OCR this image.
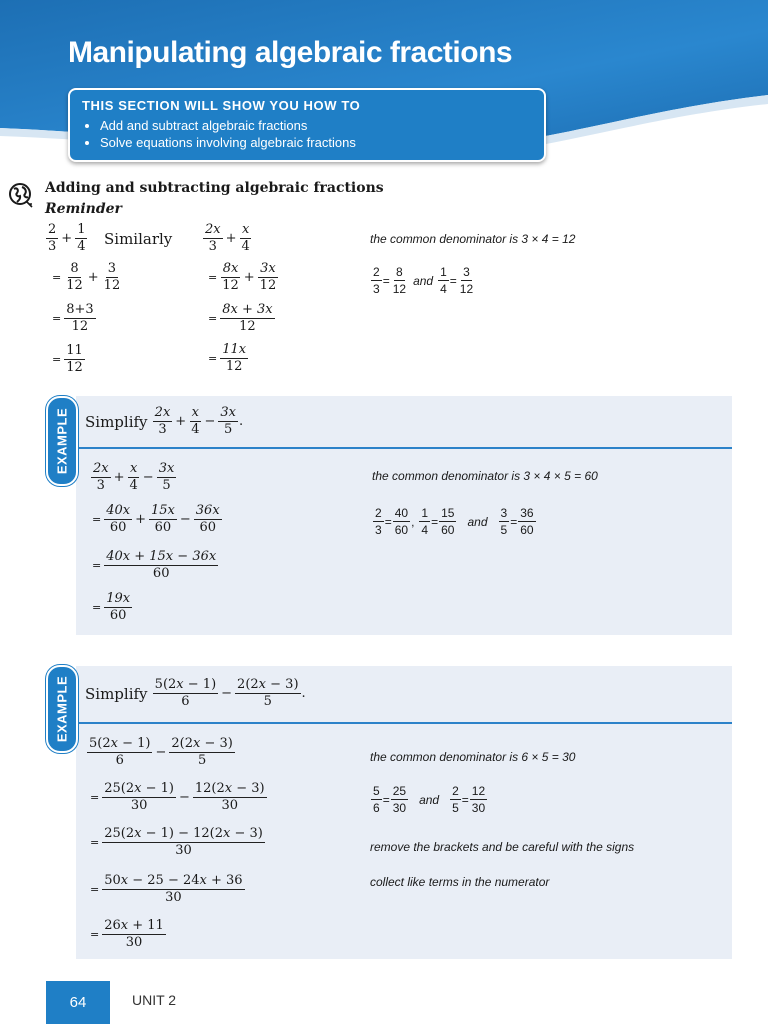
Manipulating algebraic fractions
THIS SECTION WILL SHOW YOU HOW TO
• Add and subtract algebraic fractions
• Solve equations involving algebraic fractions
Adding and subtracting algebraic fractions
Reminder
$\frac{2}{3} + \frac{1}{4}$ Similarly
= $\frac{8}{12} + \frac{3}{12}$
= $\frac{8+3}{12}$
= $\frac{11}{12}$
$\frac{2x}{3} + \frac{x}{4}$
= $\frac{8x}{12} + \frac{3x}{12}$
= $\frac{8x + 3x}{12}$
= $\frac{11x}{12}$
the common denominator is 3 × 4 = 12
$\frac{2}{3} = \frac{8}{12}$ and $\frac{1}{4} = \frac{3}{12}$
EXAMPLE Simplify
$\frac{2x}{3} + \frac{x}{4} - \frac{3x}{5}$ .
$\frac{2x}{3} + \frac{x}{4} - \frac{3x}{5}$
= $\frac{40x}{60} + \frac{15x}{60} - \frac{36x}{60}$
= $\frac{40x + 15x - 36x}{60}$
= $\frac{19x}{60}$
the common denominator is 3 × 4 × 5 = 60
$\frac{2}{3} = \frac{40}{60}$ , $\frac{1}{4} = \frac{15}{60}$ and $\frac{3}{5} = \frac{36}{60}$
EXAMPLE Simplify
$\frac{5(2x - 1)}{6} - \frac{2(2x - 3)}{5}$ .
$\frac{5(2x - 1)}{6} - \frac{2(2x - 3)}{5}$
= $\frac{25(2x - 1)}{30} - \frac{12(2x - 3)}{30}$
= $\frac{25(2x - 1) - 12(2x - 3)}{30}$
= $\frac{50x - 25 - 24x + 36}{30}$
= $\frac{26x + 11}{30}$
the common denominator is 6 × 5 = 30
$\frac{5}{6} = \frac{25}{30}$ and $\frac{2}{5} = \frac{12}{30}$
remove the brackets and be careful with the signs
collect like terms in the numerator
64	UNIT 2
